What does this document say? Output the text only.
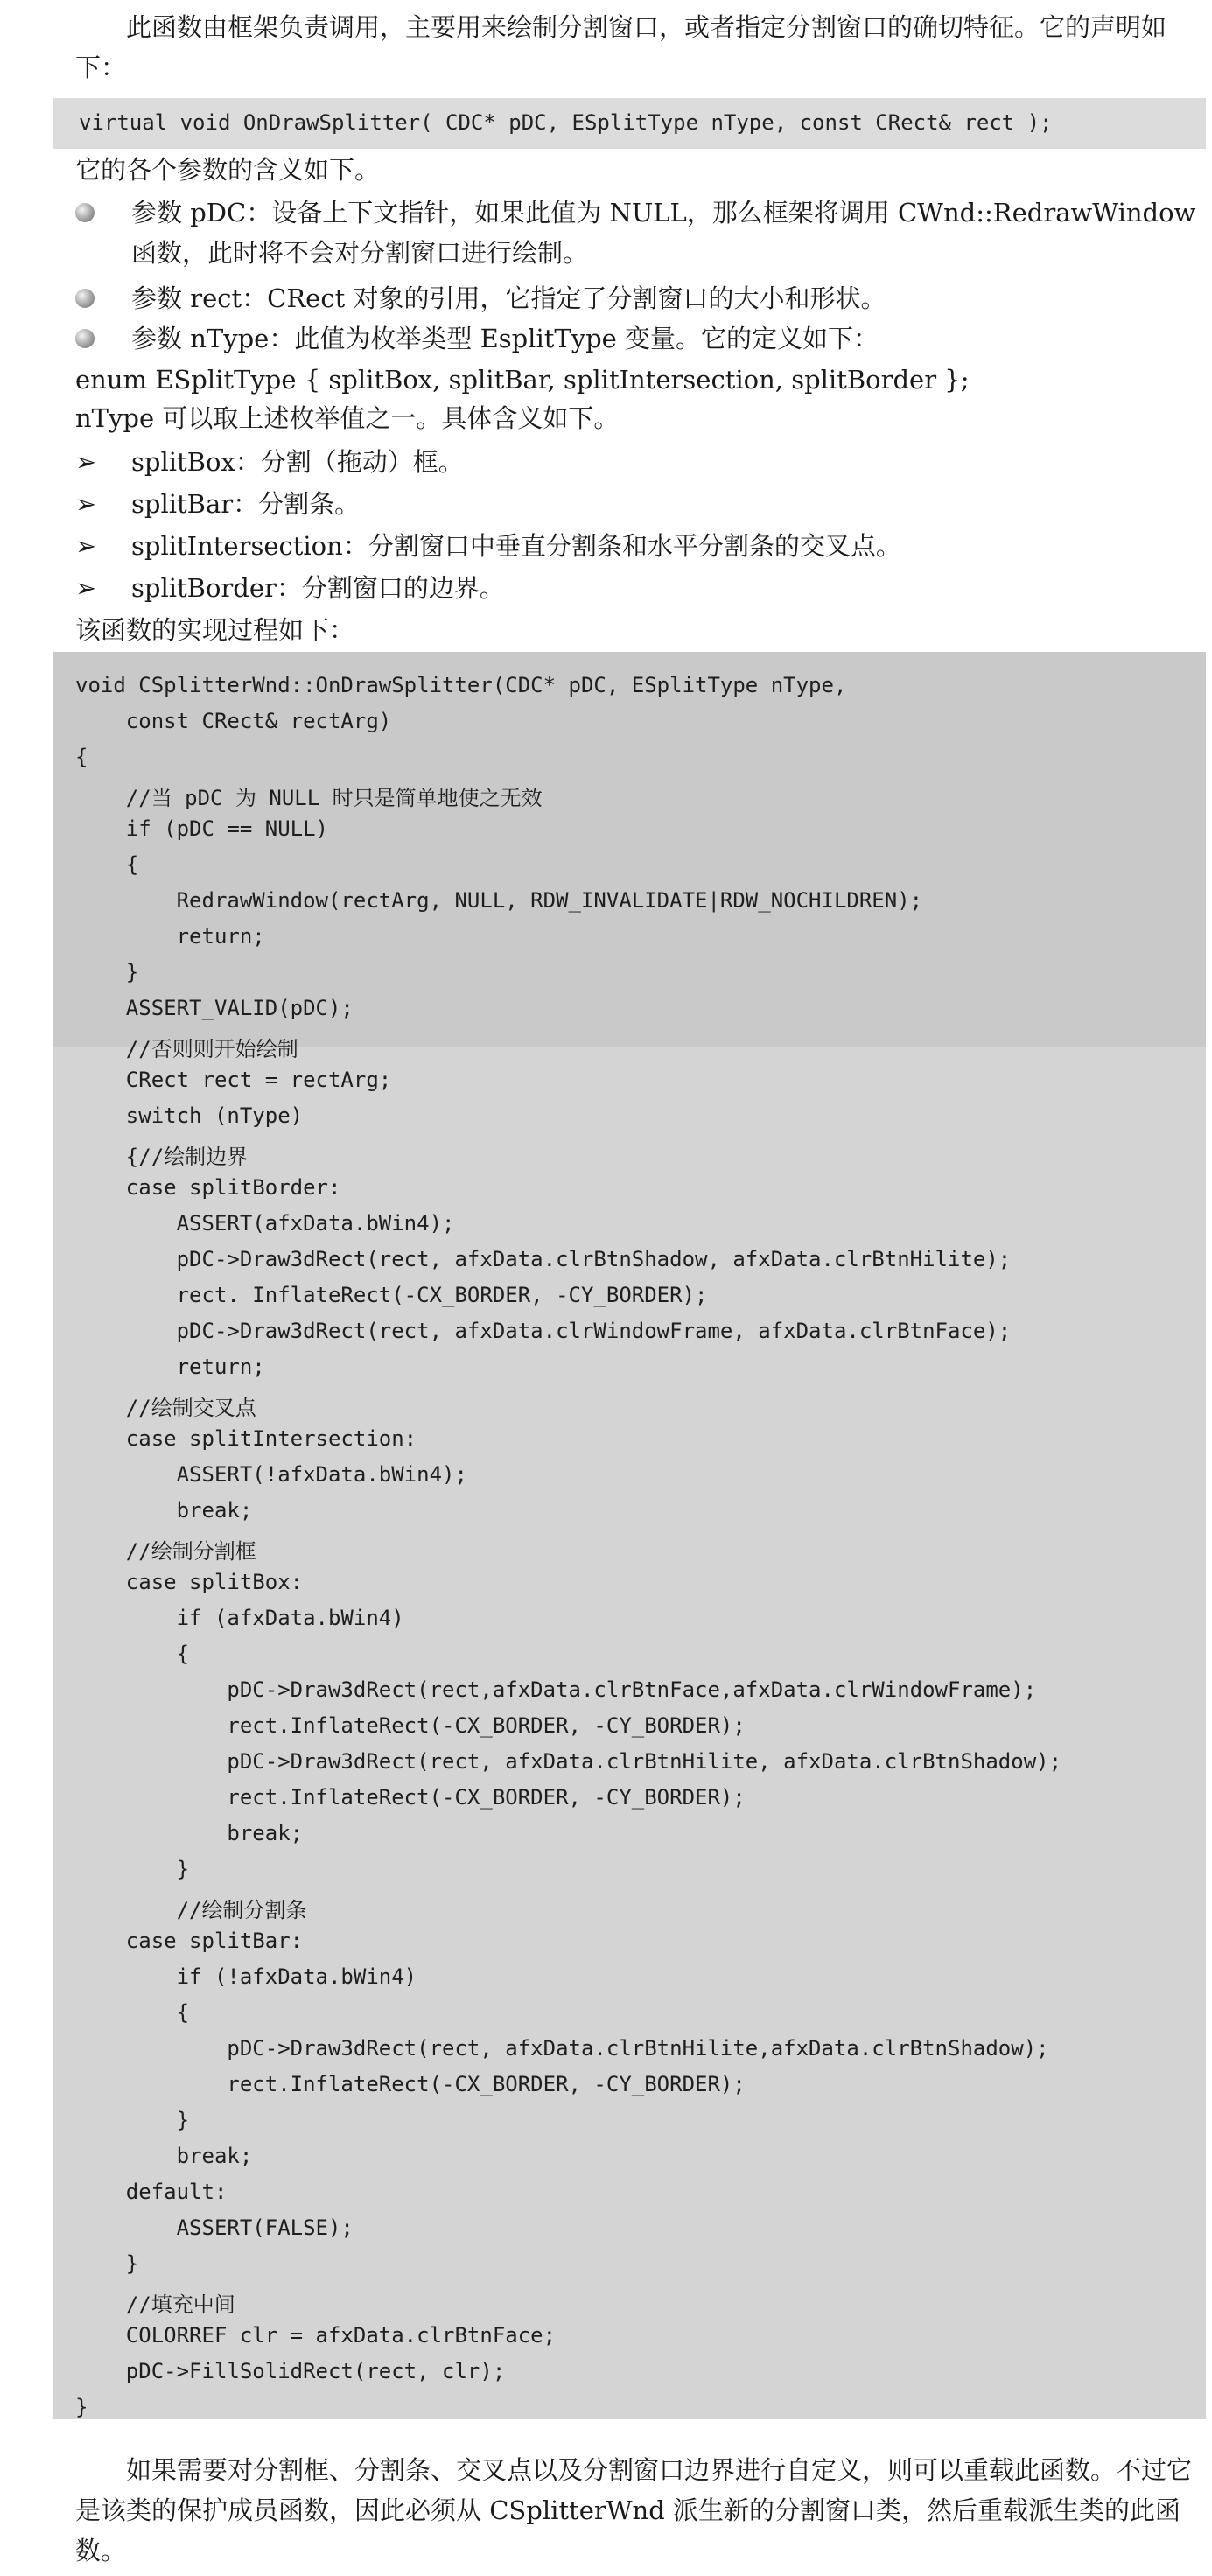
此函数由框架负责调用，主要用来绘制分割窗口，或者指定分割窗口的确切特征。它的声明如下：

virtual void OnDrawSplitter( CDC* pDC, ESplitType nType, const CRect& rect );

它的各个参数的含义如下。

参数 pDC：设备上下文指针，如果此值为 NULL，那么框架将调用 CWnd::RedrawWindow 函数，此时将不会对分割窗口进行绘制。
参数 rect：CRect 对象的引用，它指定了分割窗口的大小和形状。
参数 nType：此值为枚举类型 EsplitType 变量。它的定义如下：

enum ESplitType { splitBox, splitBar, splitIntersection, splitBorder };

nType 可以取上述枚举值之一。具体含义如下。

➢ splitBox：分割（拖动）框。
➢ splitBar：分割条。
➢ splitIntersection：分割窗口中垂直分割条和水平分割条的交叉点。
➢ splitBorder：分割窗口的边界。

该函数的实现过程如下：

void CSplitterWnd::OnDrawSplitter(CDC* pDC, ESplitType nType,
const CRect& rectArg)
{
//当 pDC 为 NULL 时只是简单地使之无效
if (pDC == NULL)
{
RedrawWindow(rectArg, NULL, RDW_INVALIDATE|RDW_NOCHILDREN);
return;
}
ASSERT_VALID(pDC);
//否则则开始绘制
CRect rect = rectArg;
switch (nType)
{//绘制边界
case splitBorder:
ASSERT(afxData.bWin4);
pDC->Draw3dRect(rect, afxData.clrBtnShadow, afxData.clrBtnHilite);
rect. InflateRect(-CX_BORDER, -CY_BORDER);
pDC->Draw3dRect(rect, afxData.clrWindowFrame, afxData.clrBtnFace);
return;
//绘制交叉点
case splitIntersection:
ASSERT(!afxData.bWin4);
break;
//绘制分割框
case splitBox:
if (afxData.bWin4)
{
pDC->Draw3dRect(rect,afxData.clrBtnFace,afxData.clrWindowFrame);
rect.InflateRect(-CX_BORDER, -CY_BORDER);
pDC->Draw3dRect(rect, afxData.clrBtnHilite, afxData.clrBtnShadow);
rect.InflateRect(-CX_BORDER, -CY_BORDER);
break;
}
//绘制分割条
case splitBar:
if (!afxData.bWin4)
{
pDC->Draw3dRect(rect, afxData.clrBtnHilite,afxData.clrBtnShadow);
rect.InflateRect(-CX_BORDER, -CY_BORDER);
}
break;
default:
ASSERT(FALSE);
}
//填充中间
COLORREF clr = afxData.clrBtnFace;
pDC->FillSolidRect(rect, clr);
}

如果需要对分割框、分割条、交叉点以及分割窗口边界进行自定义，则可以重载此函数。不过它是该类的保护成员函数，因此必须从 CSplitterWnd 派生新的分割窗口类，然后重载派生类的此函数。
